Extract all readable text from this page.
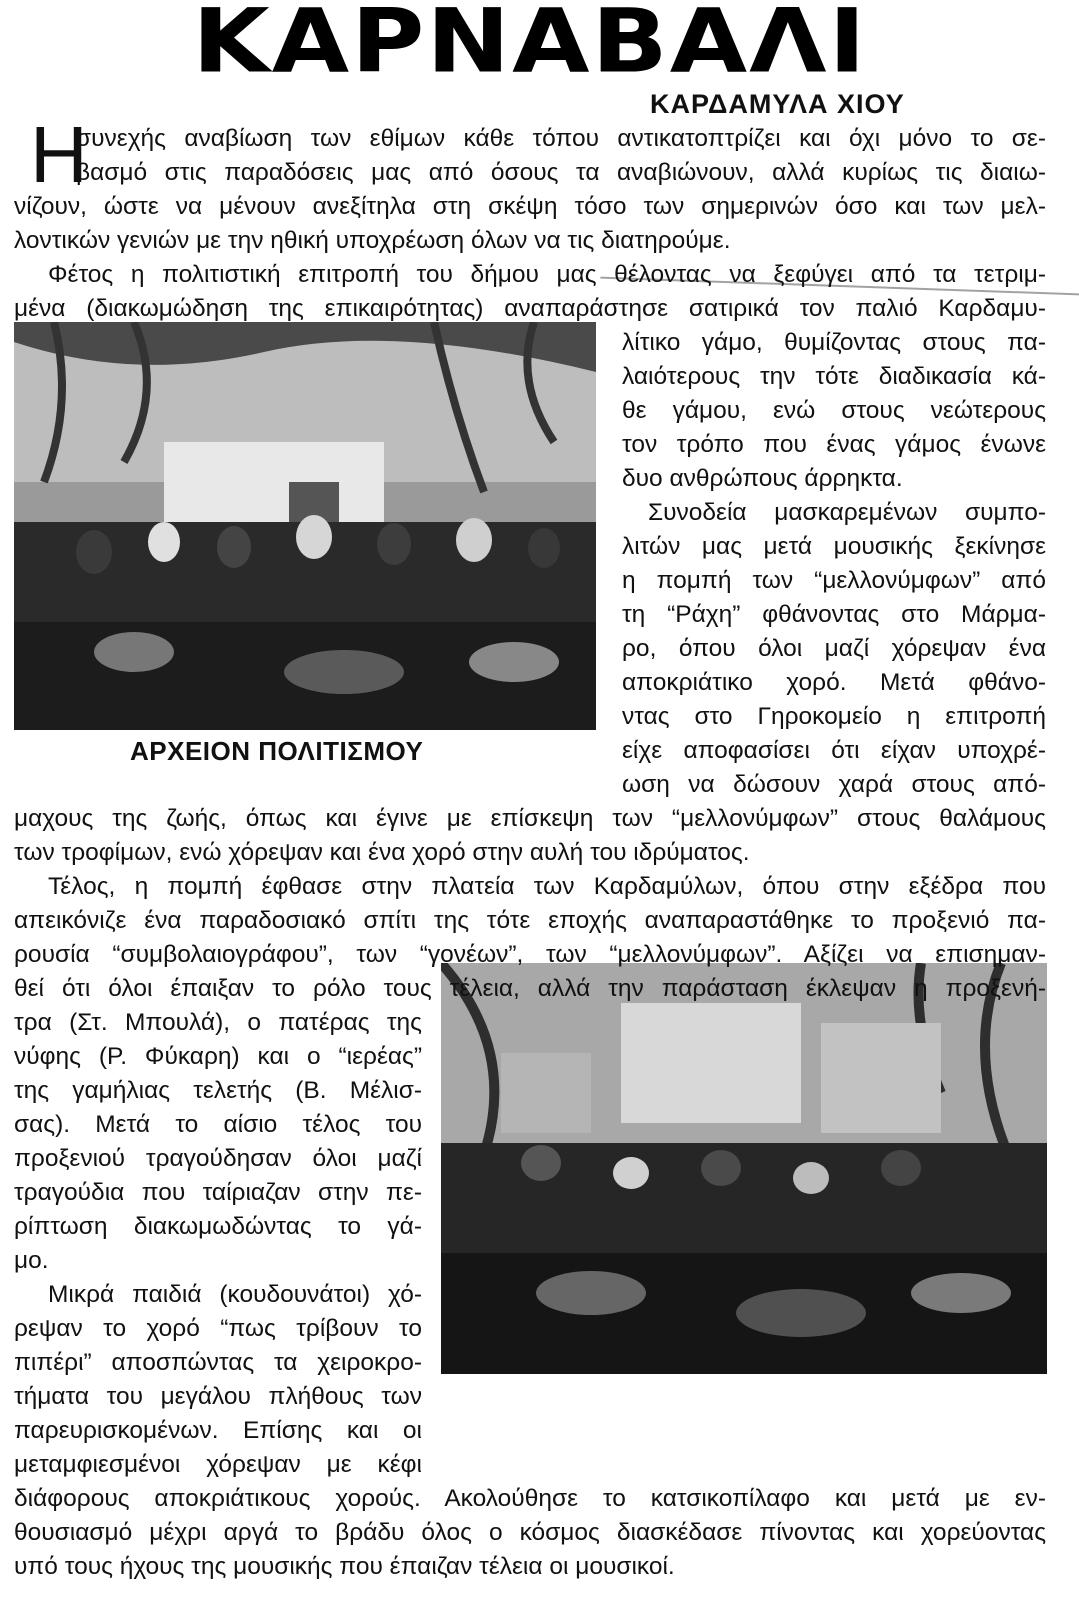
ΚΑΡΝΑΒΑΛΙ
ΚΑΡΔΑΜΥΛΑ ΧΙΟΥ
Η
ΑΡΧΕΙΟΝ ΠΟΛΙΤΙΣΜΟΥ
συνεχής αναβίωση των εθίμων κάθε τόπου αντικατοπτρίζει και όχι μόνο το σε-
βασμό στις παραδόσεις μας από όσους τα αναβιώνουν, αλλά κυρίως τις διαιω-
νίζουν, ώστε να μένουν ανεξίτηλα στη σκέψη τόσο των σημερινών όσο και των μελ-
λοντικών γενιών με την ηθική υποχρέωση όλων να τις διατηρούμε.
Φέτος η πολιτιστική επιτροπή του δήμου μας θέλοντας να ξεφύγει από τα τετριμ-
μένα (διακωμώδηση της επικαιρότητας) αναπαράστησε σατιρικά τον παλιό Καρδαμυ-
λίτικο γάμο, θυμίζοντας στους πα-
λαιότερους την τότε διαδικασία κά-
θε γάμου, ενώ στους νεώτερους
τον τρόπο που ένας γάμος ένωνε
δυο ανθρώπους άρρηκτα.
Συνοδεία μασκαρεμένων συμπο-
λιτών μας μετά μουσικής ξεκίνησε
η πομπή των “μελλονύμφων” από
τη “Ράχη” φθάνοντας στο Μάρμα-
ρο, όπου όλοι μαζί χόρεψαν ένα
αποκριάτικο χορό. Μετά φθάνο-
ντας στο Γηροκομείο η επιτροπή
είχε αποφασίσει ότι είχαν υποχρέ-
ωση να δώσουν χαρά στους από-
μαχους της ζωής, όπως και έγινε με επίσκεψη των “μελλονύμφων” στους θαλάμους
των τροφίμων, ενώ χόρεψαν και ένα χορό στην αυλή του ιδρύματος.
Τέλος, η πομπή έφθασε στην πλατεία των Καρδαμύλων, όπου στην εξέδρα που
απεικόνιζε ένα παραδοσιακό σπίτι της τότε εποχής αναπαραστάθηκε το προξενιό πα-
ρουσία “συμβολαιογράφου”, των “γονέων”, των “μελλονύμφων”. Αξίζει να επισημαν-
θεί ότι όλοι έπαιξαν το ρόλο τους τέλεια, αλλά την παράσταση έκλεψαν η προξενή-
τρα (Στ. Μπουλά), ο πατέρας της
νύφης (Ρ. Φύκαρη) και ο “ιερέας”
της γαμήλιας τελετής (Β. Μέλισ-
σας). Μετά το αίσιο τέλος του
προξενιού τραγούδησαν όλοι μαζί
τραγούδια που ταίριαζαν στην πε-
ρίπτωση διακωμωδώντας το γά-
μο.
Μικρά παιδιά (κουδουνάτοι) χό-
ρεψαν το χορό “πως τρίβουν το
πιπέρι” αποσπώντας τα χειροκρο-
τήματα του μεγάλου πλήθους των
παρευρισκομένων. Επίσης και οι
μεταμφιεσμένοι χόρεψαν με κέφι
διάφορους αποκριάτικους χορούς. Ακολούθησε το κατσικοπίλαφο και μετά με εν-
θουσιασμό μέχρι αργά το βράδυ όλος ο κόσμος διασκέδασε πίνοντας και χορεύοντας
υπό τους ήχους της μουσικής που έπαιζαν τέλεια οι μουσικοί.
